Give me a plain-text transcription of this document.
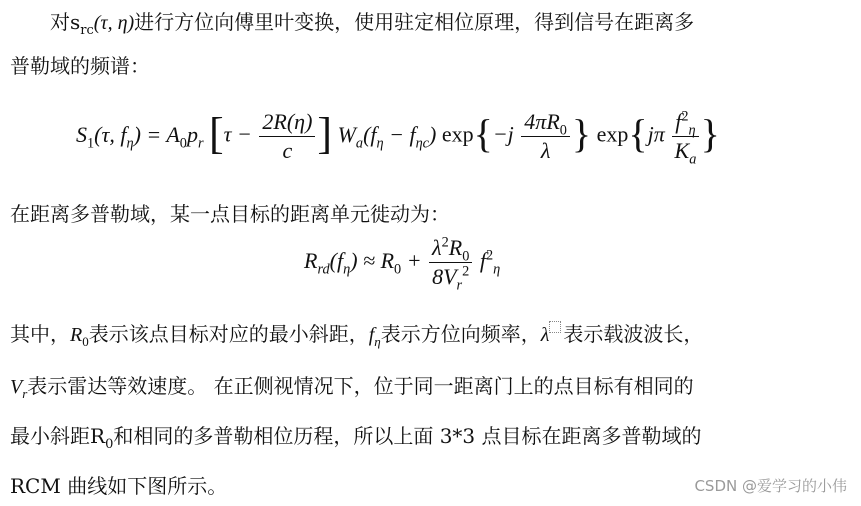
对$s_{rc}(\tau$, η)进行方位向傅里叶变换，使用驻定相位原理，得到信号在距离多
普勒域的频谱：
$S_1(\tau$, $f_\eta) = A_0p_r$ [$\tau - \frac{2R(\eta)}{c}$ ] $W_a(f_\eta - f_{\eta c})$ $\exp\{-j \frac{4\pi R_0}{\lambda}$ } $\exp\{j\pi \frac{f^2_\eta}{K_a}$ }
在距离多普勒域，某一点目标的距离单元徙动为：
$R_{rd}(f_\eta) \approx R_0 + \frac{\lambda^2R_0}{8V_r^2} f^2_\eta$
其中，$R_0$表示该点目标对应的最小斜距，$f_\eta$表示方位向频率，λ 表示载波波长，
$V_r$表示雷达等效速度。 在正侧视情况下，位于同一距离门上的点目标有相同的
最小斜距$R_0$和相同的多普勒相位历程，所以上面 3*3 点目标在距离多普勒域的
RCM 曲线如下图所示。	CSDN @爱学习的小伟
